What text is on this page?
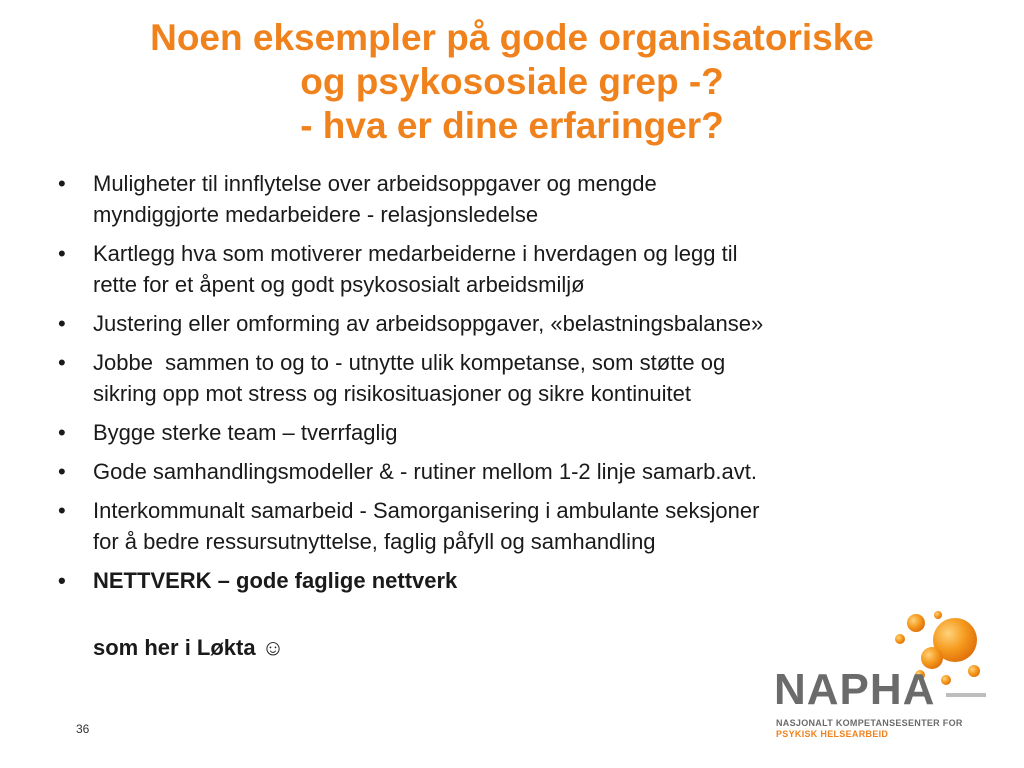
Noen eksempler på gode organisatoriske
og psykososiale grep -?
- hva er dine erfaringer?
• Muligheter til innflytelse over arbeidsoppgaver og mengde
myndiggjorte medarbeidere - relasjonsledelse
• Kartlegg hva som motiverer medarbeiderne i hverdagen og legg til
rette for et åpent og godt psykososialt arbeidsmiljø
• Justering eller omforming av arbeidsoppgaver, «belastningsbalanse»
• Jobbe  sammen to og to - utnytte ulik kompetanse, som støtte og
sikring opp mot stress og risikosituasjoner og sikre kontinuitet
• Bygge sterke team – tverrfaglig
• Gode samhandlingsmodeller & - rutiner mellom 1-2 linje samarb.avt.
• Interkommunalt samarbeid - Samorganisering i ambulante seksjoner
for å bedre ressursutnyttelse, faglig påfyll og samhandling
• NETTVERK – gode faglige nettverk
som her i Løkta ☺
36
NAPHA
NASJONALT KOMPETANSESENTER FOR
PSYKISK HELSEARBEID
